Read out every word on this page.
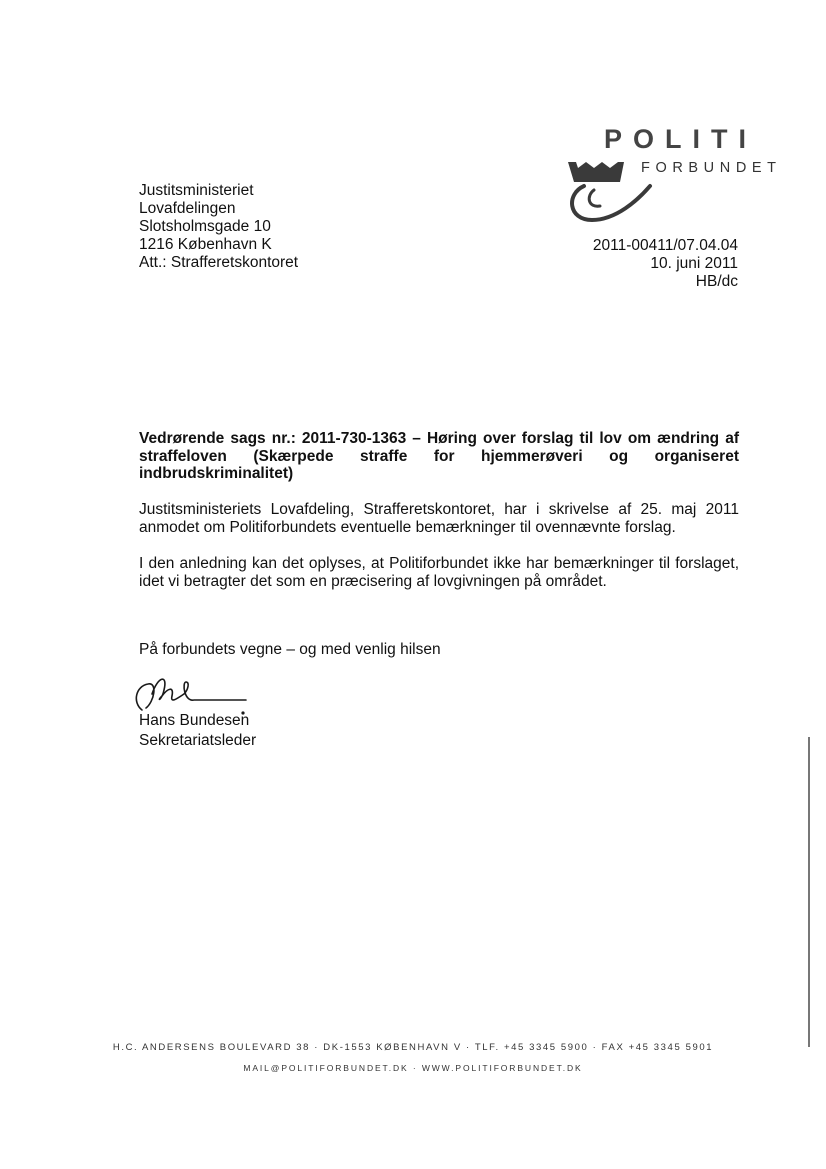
POLITI
FORBUNDET
Justitsministeriet
Lovafdelingen
Slotsholmsgade 10
1216 København K
Att.: Strafferetskontoret
2011-00411/07.04.04
10. juni 2011
HB/dc
Vedrørende sags nr.: 2011-730-1363 – Høring over forslag til lov om ændring af straffeloven (Skærpede straffe for hjemmerøveri og organiseret indbrudskriminalitet)
Justitsministeriets Lovafdeling, Strafferetskontoret, har i skrivelse af 25. maj 2011 anmodet om Politiforbundets eventuelle bemærkninger til ovennævnte forslag.
I den anledning kan det oplyses, at Politiforbundet ikke har bemærkninger til forslaget, idet vi betragter det som en præcisering af lovgivningen på området.
På forbundets vegne – og med venlig hilsen
Hans Bundesen
Sekretariatsleder
H.C. ANDERSENS BOULEVARD 38 · DK-1553 KØBENHAVN V · TLF. +45 3345 5900 · FAX +45 3345 5901
MAIL@POLITIFORBUNDET.DK · WWW.POLITIFORBUNDET.DK
